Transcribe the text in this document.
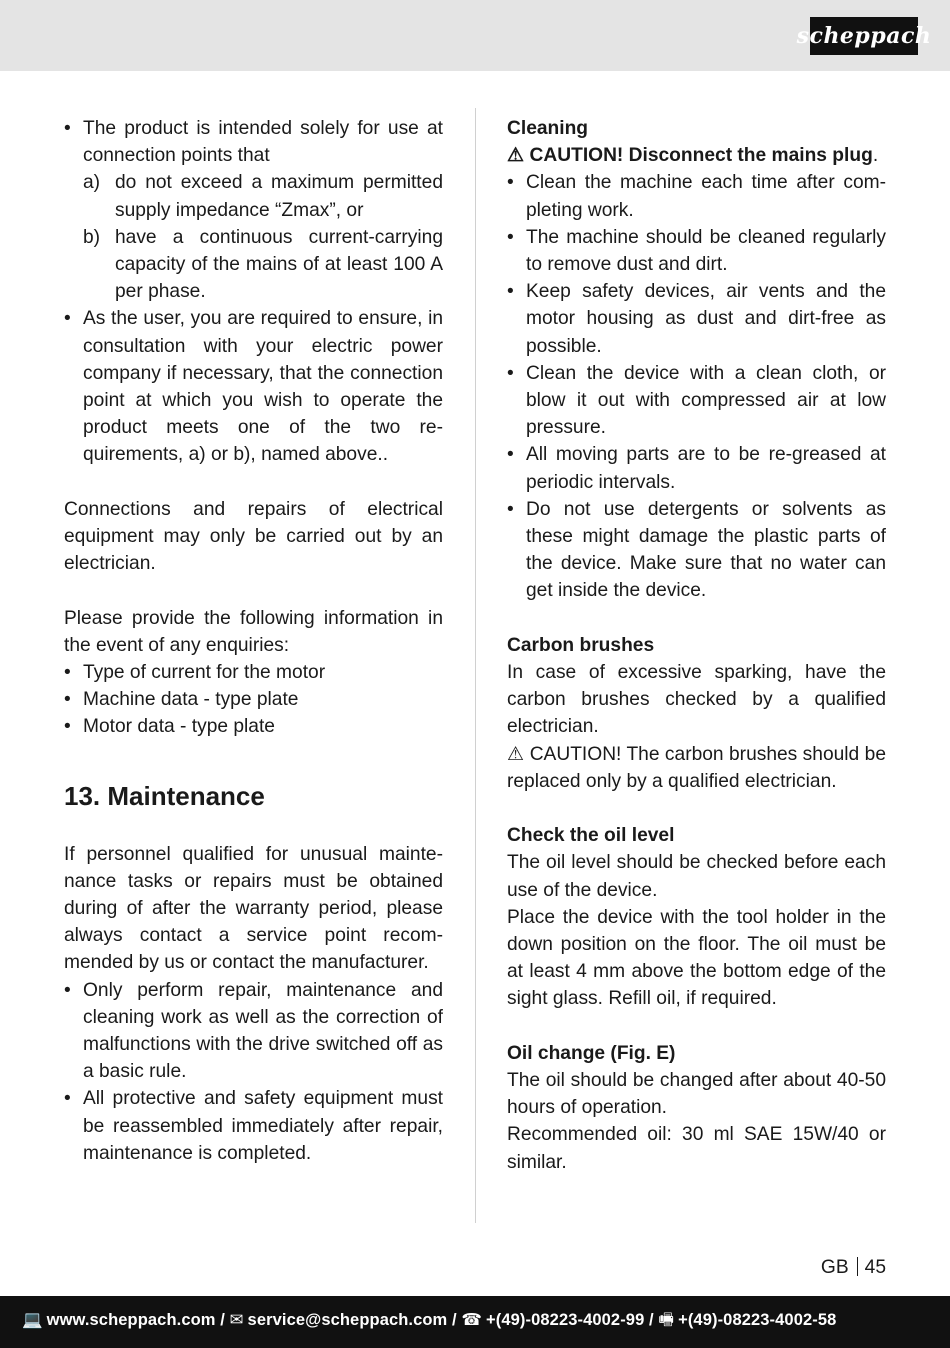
scheppach
• The product is intended solely for use at connection points that
a) do not exceed a maximum permitted supply impedance “Zmax”, or
b) have a continuous current-carrying capacity of the mains of at least 100 A per phase.
• As the user, you are required to ensure, in consultation with your electric power company if necessary, that the connection point at which you wish to operate the product meets one of the two requirements, a) or b), named above..

Connections and repairs of electrical equipment may only be carried out by an electrician.

Please provide the following information in the event of any enquiries:

• Type of current for the motor
• Machine data - type plate
• Motor data - type plate
13. Maintenance

If personnel qualified for unusual maintenance tasks or repairs must be obtained during of after the warranty period, please always contact a service point recommended by us or contact the manufacturer.

• Only perform repair, maintenance and cleaning work as well as the correction of malfunctions with the drive switched off as a basic rule.
• All protective and safety equipment must be reassembled immediately after repair, maintenance is completed.

Cleaning

⚠ CAUTION! Disconnect the mains plug.

• Clean the machine each time after completing work.
• The machine should be cleaned regularly to remove dust and dirt.
• Keep safety devices, air vents and the motor housing as dust and dirt-free as possible.
• Clean the device with a clean cloth, or blow it out with compressed air at low pressure.
• All moving parts are to be re-greased at periodic intervals.
• Do not use detergents or solvents as these might damage the plastic parts of the device. Make sure that no water can get inside the device.

Carbon brushes

In case of excessive sparking, have the carbon brushes checked by a qualified electrician.

⚠ CAUTION! The carbon brushes should be replaced only by a qualified electrician.

Check the oil level

The oil level should be checked before each use of the device.

Place the device with the tool holder in the down position on the floor. The oil must be at least 4 mm above the bottom edge of the sight glass. Refill oil, if required.

Oil change (Fig. E)

The oil should be changed after about 40-50 hours of operation.

Recommended oil: 30 ml SAE 15W/40 or similar.

GB 45
💻 www.scheppach.com / ✉ service@scheppach.com / ☎ +(49)-08223-4002-99 / 🖷 +(49)-08223-4002-58
